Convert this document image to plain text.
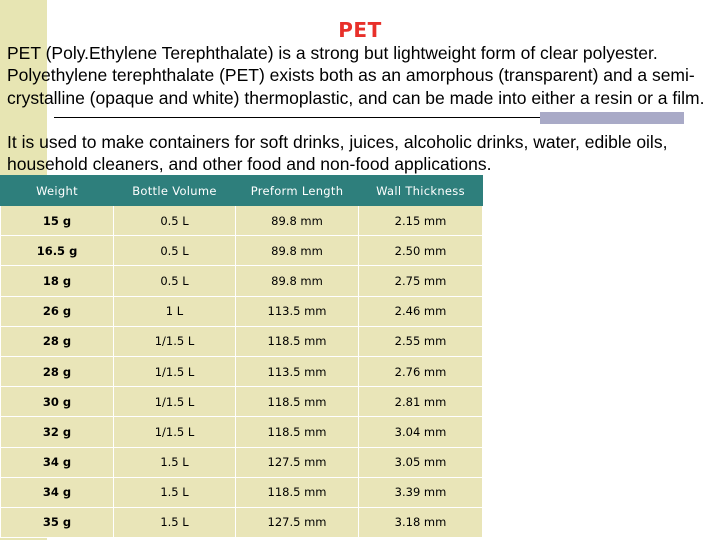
PET

PET (Poly.Ethylene Terephthalate) is a strong but lightweight form of clear polyester. Polyethylene terephthalate (PET) exists both as an amorphous (transparent) and a semi-crystalline (opaque and white) thermoplastic, and can be made into either a resin or a film.

It is used to make containers for soft drinks, juices, alcoholic drinks, water, edible oils, household cleaners, and other food and non-food applications.

Weight	Bottle Volume	Preform Length	Wall Thickness
15 g	0.5 L	89.8 mm	2.15 mm
16.5 g	0.5 L	89.8 mm	2.50 mm
18 g	0.5 L	89.8 mm	2.75 mm
26 g	1 L	113.5 mm	2.46 mm
28 g	1/1.5 L	118.5 mm	2.55 mm
28 g	1/1.5 L	113.5 mm	2.76 mm
30 g	1/1.5 L	118.5 mm	2.81 mm
32 g	1/1.5 L	118.5 mm	3.04 mm
34 g	1.5 L	127.5 mm	3.05 mm
34 g	1.5 L	118.5 mm	3.39 mm
35 g	1.5 L	127.5 mm	3.18 mm
